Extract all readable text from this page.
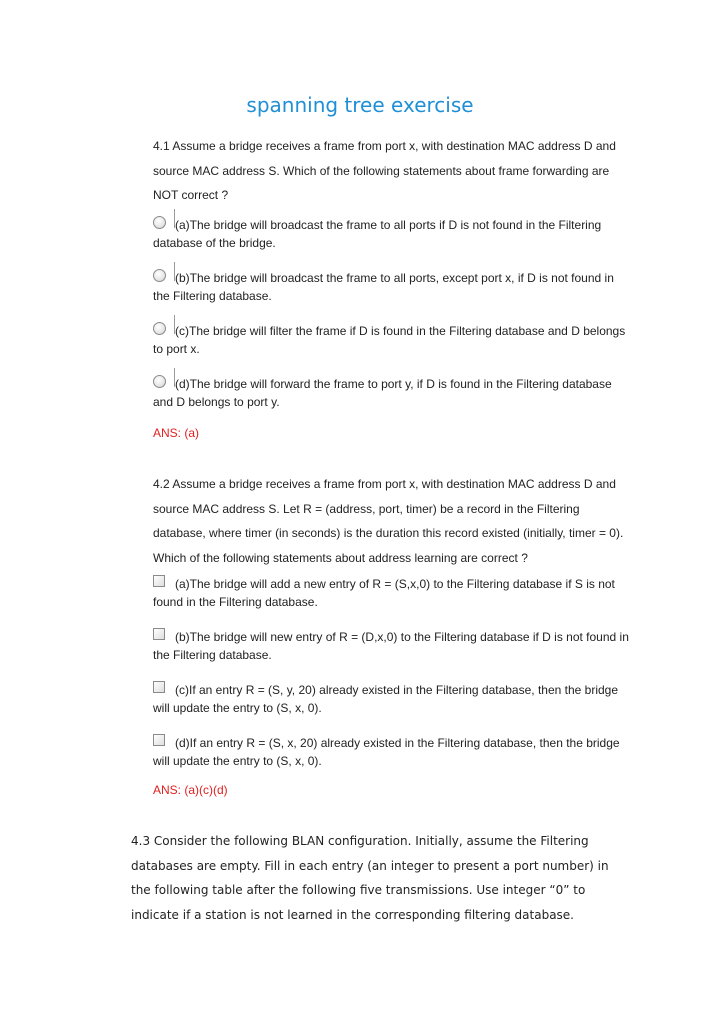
spanning tree exercise
4.1 Assume a bridge receives a frame from port x, with destination MAC address D and source MAC address S. Which of the following statements about frame forwarding are NOT correct ?
(a)The bridge will broadcast the frame to all ports if D is not found in the Filtering database of the bridge.
(b)The bridge will broadcast the frame to all ports, except port x, if D is not found in the Filtering database.
(c)The bridge will filter the frame if D is found in the Filtering database and D belongs to port x.
(d)The bridge will forward the frame to port y, if D is found in the Filtering database and D belongs to port y.
ANS: (a)
4.2 Assume a bridge receives a frame from port x, with destination MAC address D and source MAC address S. Let R = (address, port, timer) be a record in the Filtering database, where timer (in seconds) is the duration this record existed (initially, timer = 0). Which of the following statements about address learning are correct ?
(a)The bridge will add a new entry of R = (S,x,0) to the Filtering database if S is not found in the Filtering database.
(b)The bridge will new entry of R = (D,x,0) to the Filtering database if D is not found in the Filtering database.
(c)If an entry R = (S, y, 20) already existed in the Filtering database, then the bridge will update the entry to (S, x, 0).
(d)If an entry R = (S, x, 20) already existed in the Filtering database, then the bridge will update the entry to (S, x, 0).
ANS: (a)(c)(d)
4.3 Consider the following BLAN configuration. Initially, assume the Filtering databases are empty. Fill in each entry (an integer to present a port number) in the following table after the following five transmissions. Use integer “0” to indicate if a station is not learned in the corresponding filtering database.
